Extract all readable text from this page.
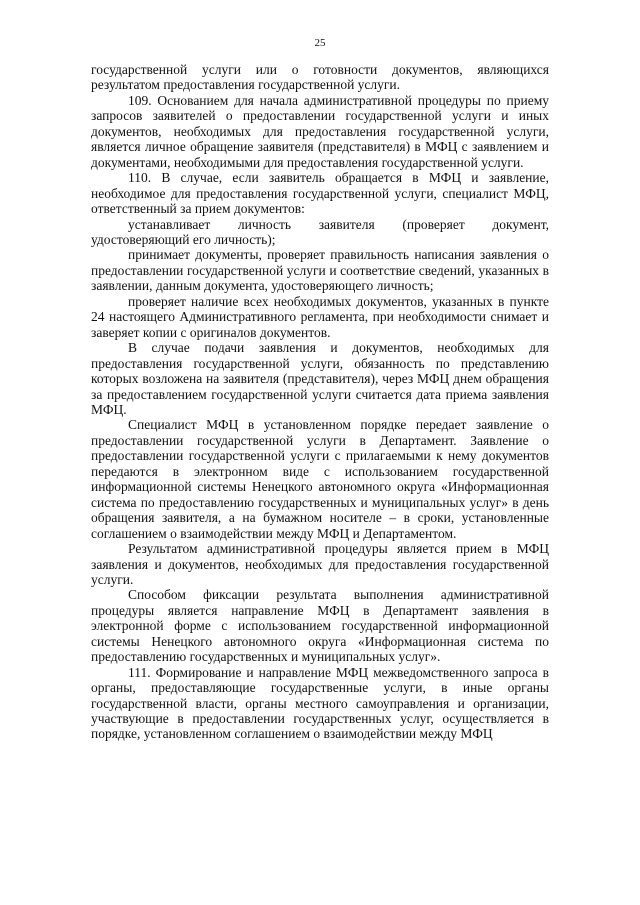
25

государственной услуги или о готовности документов, являющихся результатом предоставления государственной услуги.

109. Основанием для начала административной процедуры по приему запросов заявителей о предоставлении государственной услуги и иных документов, необходимых для предоставления государственной услуги, является личное обращение заявителя (представителя) в МФЦ с заявлением и документами, необходимыми для предоставления государственной услуги.

110. В случае, если заявитель обращается в МФЦ и заявление, необходимое для предоставления государственной услуги, специалист МФЦ, ответственный за прием документов:

устанавливает личность заявителя (проверяет документ, удостоверяющий его личность);

принимает документы, проверяет правильность написания заявления о предоставлении государственной услуги и соответствие сведений, указанных в заявлении, данным документа, удостоверяющего личность;

проверяет наличие всех необходимых документов, указанных в пункте 24 настоящего Административного регламента, при необходимости снимает и заверяет копии с оригиналов документов.

В случае подачи заявления и документов, необходимых для предоставления государственной услуги, обязанность по представлению которых возложена на заявителя (представителя), через МФЦ днем обращения за предоставлением государственной услуги считается дата приема заявления МФЦ.

Специалист МФЦ в установленном порядке передает заявление о предоставлении государственной услуги в Департамент. Заявление о предоставлении государственной услуги с прилагаемыми к нему документов передаются в электронном виде с использованием государственной информационной системы Ненецкого автономного округа «Информационная система по предоставлению государственных и муниципальных услуг» в день обращения заявителя, а на бумажном носителе – в сроки, установленные соглашением о взаимодействии между МФЦ и Департаментом.

Результатом административной процедуры является прием в МФЦ заявления и документов, необходимых для предоставления государственной услуги.

Способом фиксации результата выполнения административной процедуры является направление МФЦ в Департамент заявления в электронной форме с использованием государственной информационной системы Ненецкого автономного округа «Информационная система по предоставлению государственных и муниципальных услуг».

111. Формирование и направление МФЦ межведомственного запроса в органы, предоставляющие государственные услуги, в иные органы государственной власти, органы местного самоуправления и организации, участвующие в предоставлении государственных услуг, осуществляется в порядке, установленном соглашением о взаимодействии между МФЦ
